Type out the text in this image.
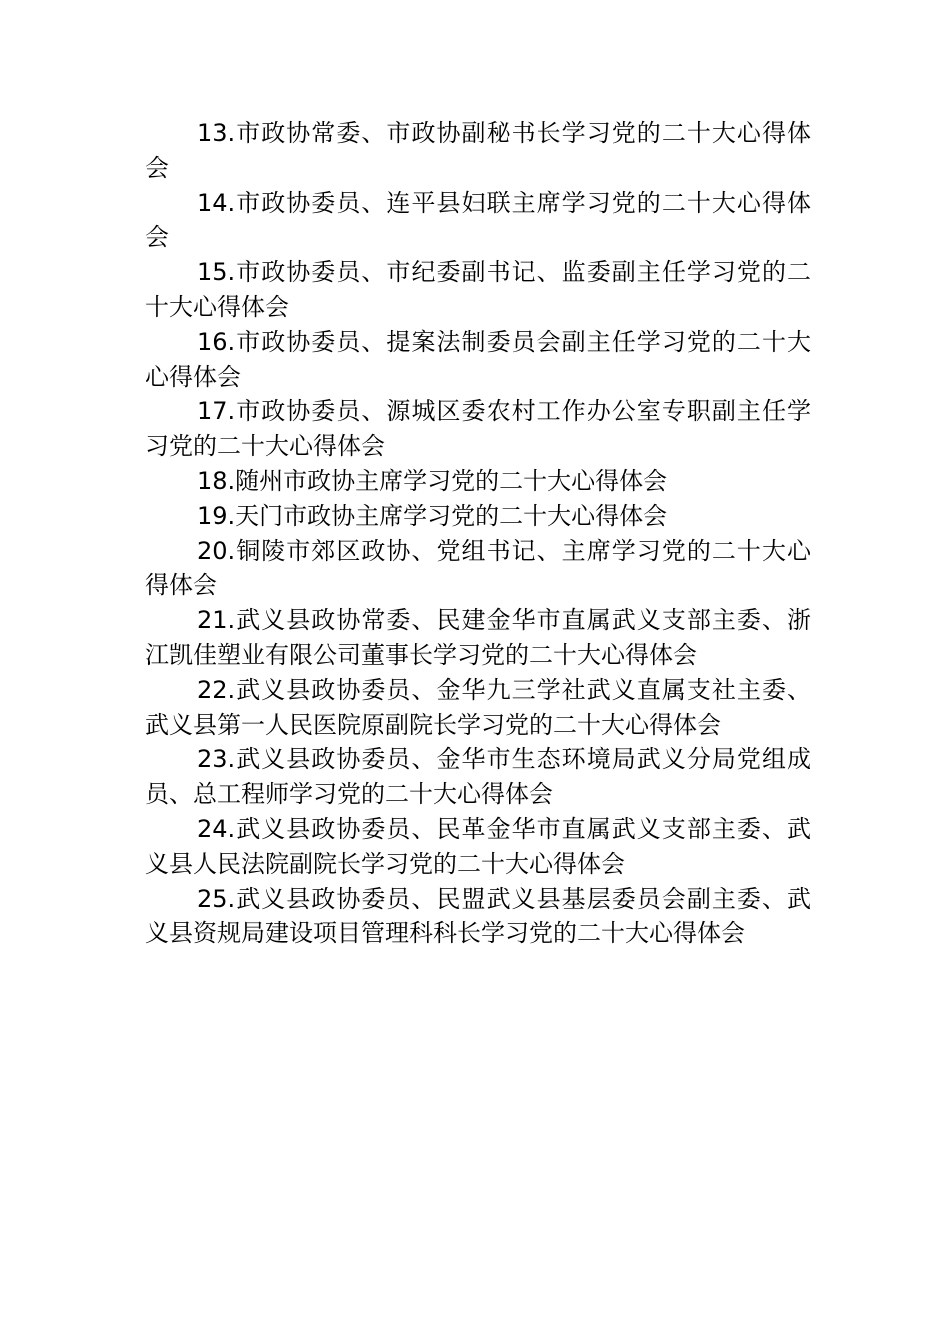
13.市政协常委、市政协副秘书长学习党的二十大心得体会

14.市政协委员、连平县妇联主席学习党的二十大心得体会

15.市政协委员、市纪委副书记、监委副主任学习党的二十大心得体会

16.市政协委员、提案法制委员会副主任学习党的二十大心得体会

17.市政协委员、源城区委农村工作办公室专职副主任学习党的二十大心得体会

18.随州市政协主席学习党的二十大心得体会

19.天门市政协主席学习党的二十大心得体会

20.铜陵市郊区政协、党组书记、主席学习党的二十大心得体会

21.武义县政协常委、民建金华市直属武义支部主委、浙江凯佳塑业有限公司董事长学习党的二十大心得体会

22.武义县政协委员、金华九三学社武义直属支社主委、武义县第一人民医院原副院长学习党的二十大心得体会

23.武义县政协委员、金华市生态环境局武义分局党组成员、总工程师学习党的二十大心得体会

24.武义县政协委员、民革金华市直属武义支部主委、武义县人民法院副院长学习党的二十大心得体会

25.武义县政协委员、民盟武义县基层委员会副主委、武义县资规局建设项目管理科科长学习党的二十大心得体会
